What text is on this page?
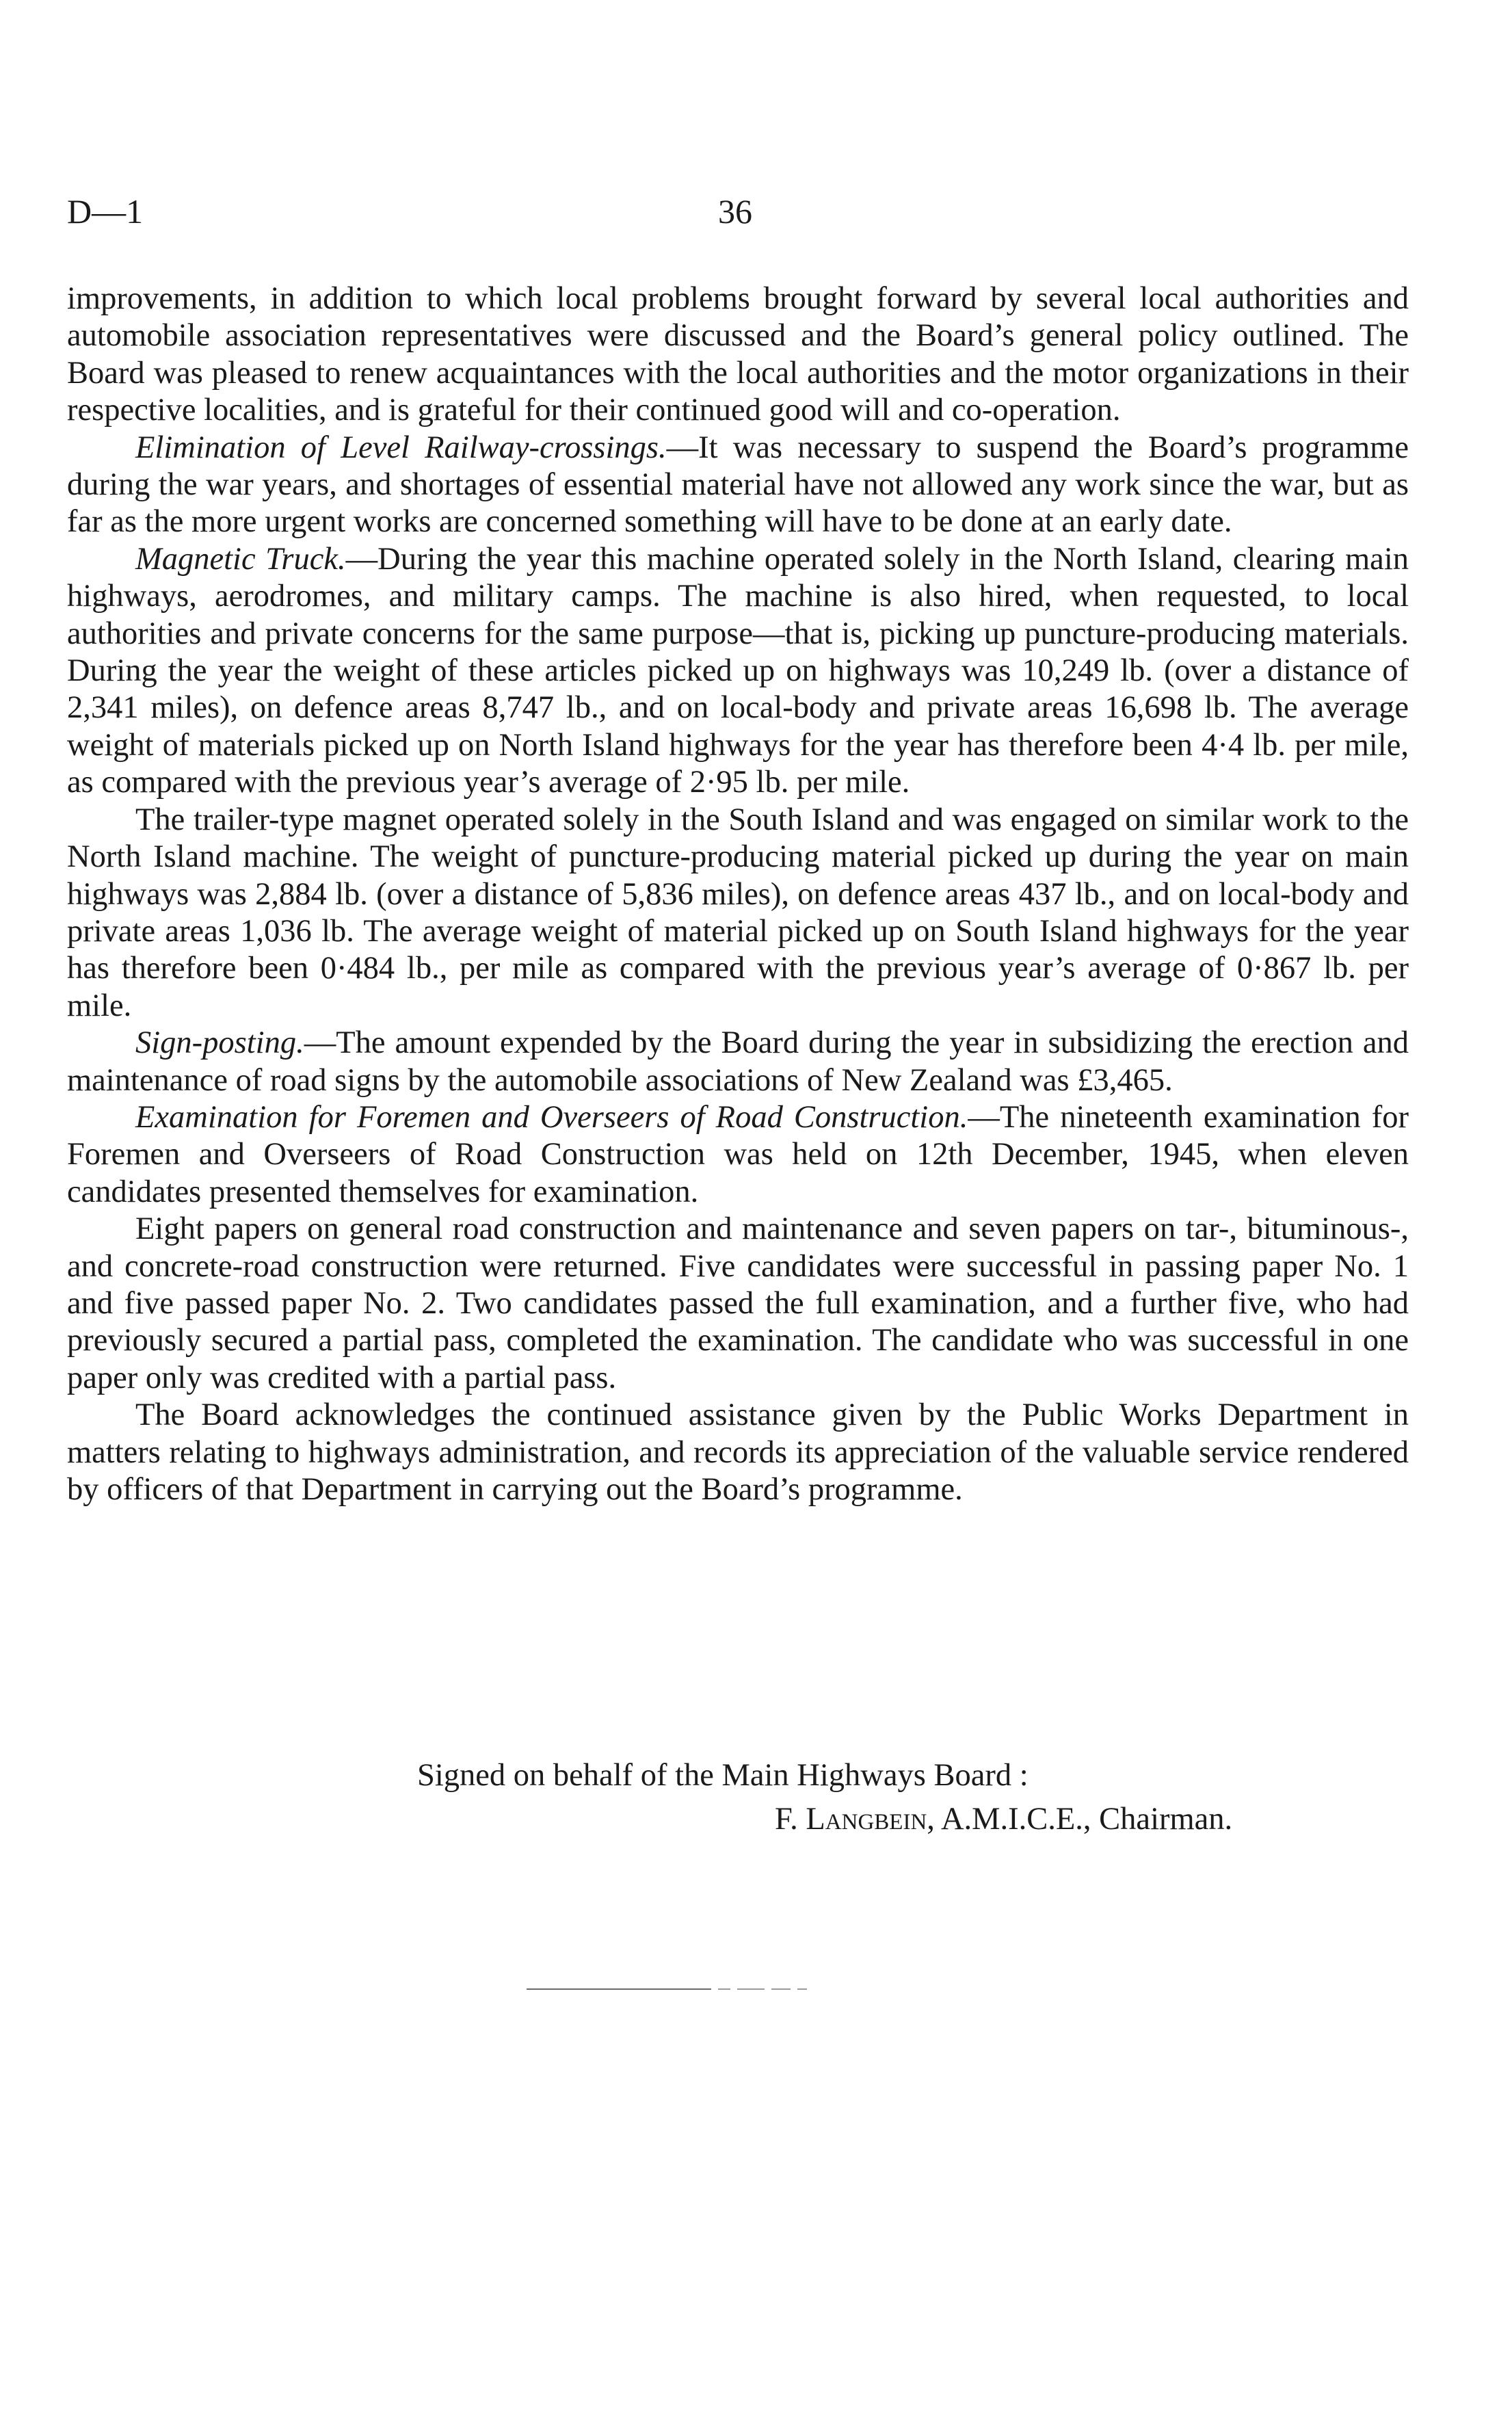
D—1	36

improvements, in addition to which local problems brought forward by several local authorities and automobile association representatives were discussed and the Board’s general policy outlined. The Board was pleased to renew acquaintances with the local authorities and the motor organizations in their respective localities, and is grateful for their continued good will and co-operation.

Elimination of Level Railway-crossings.—It was necessary to suspend the Board’s programme during the war years, and shortages of essential material have not allowed any work since the war, but as far as the more urgent works are concerned something will have to be done at an early date.

Magnetic Truck.—During the year this machine operated solely in the North Island, clearing main highways, aerodromes, and military camps. The machine is also hired, when requested, to local authorities and private concerns for the same purpose—that is, picking up puncture-producing materials. During the year the weight of these articles picked up on highways was 10,249 lb. (over a distance of 2,341 miles), on defence areas 8,747 lb., and on local-body and private areas 16,698 lb. The average weight of materials picked up on North Island highways for the year has therefore been 4·4 lb. per mile, as compared with the previous year’s average of 2·95 lb. per mile.

The trailer-type magnet operated solely in the South Island and was engaged on similar work to the North Island machine. The weight of puncture-producing material picked up during the year on main highways was 2,884 lb. (over a distance of 5,836 miles), on defence areas 437 lb., and on local-body and private areas 1,036 lb. The average weight of material picked up on South Island highways for the year has therefore been 0·484 lb., per mile as compared with the previous year’s average of 0·867 lb. per mile.

Sign-posting.—The amount expended by the Board during the year in subsidizing the erection and maintenance of road signs by the automobile associations of New Zealand was £3,465.

Examination for Foremen and Overseers of Road Construction.—The nineteenth examination for Foremen and Overseers of Road Construction was held on 12th December, 1945, when eleven candidates presented themselves for examination.

Eight papers on general road construction and maintenance and seven papers on tar-, bituminous-, and concrete-road construction were returned. Five candidates were successful in passing paper No. 1 and five passed paper No. 2. Two candidates passed the full examination, and a further five, who had previously secured a partial pass, completed the examination. The candidate who was successful in one paper only was credited with a partial pass.

The Board acknowledges the continued assistance given by the Public Works Department in matters relating to highways administration, and records its appreciation of the valuable service rendered by officers of that Department in carrying out the Board’s programme.

Signed on behalf of the Main Highways Board :
F. Langbein, A.M.I.C.E., Chairman.
